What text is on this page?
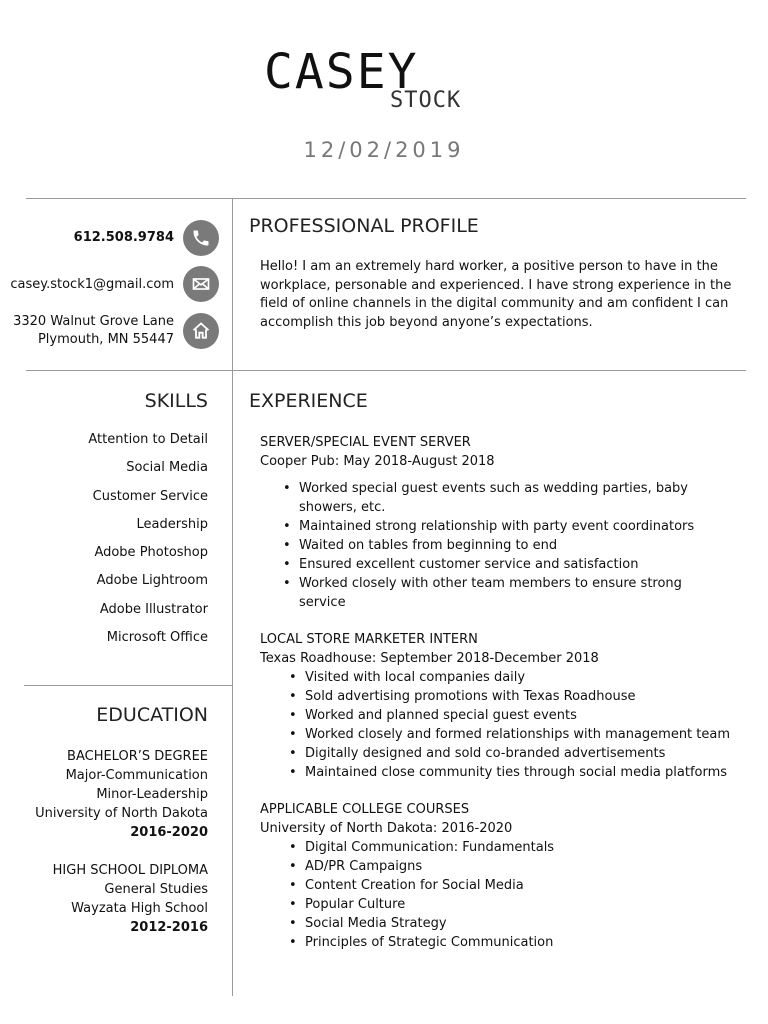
CASEY
STOCK
12/02/2019
612.508.9784
casey.stock1@gmail.com
3320 Walnut Grove Lane
Plymouth, MN 55447
PROFESSIONAL PROFILE
Hello! I am an extremely hard worker, a positive person to have in the workplace, personable and experienced. I have strong experience in the field of online channels in the digital community and am confident I can accomplish this job beyond anyone’s expectations.
SKILLS
Attention to Detail
Social Media
Customer Service
Leadership
Adobe Photoshop
Adobe Lightroom
Adobe Illustrator
Microsoft Office
EDUCATION
BACHELOR’S DEGREE
Major-Communication
Minor-Leadership
University of North Dakota
2016-2020
HIGH SCHOOL DIPLOMA
General Studies
Wayzata High School
2012-2016
EXPERIENCE
SERVER/SPECIAL EVENT SERVER
Cooper Pub: May 2018-August 2018
• Worked special guest events such as wedding parties, baby showers, etc.
• Maintained strong relationship with party event coordinators
• Waited on tables from beginning to end
• Ensured excellent customer service and satisfaction
• Worked closely with other team members to ensure strong service
LOCAL STORE MARKETER INTERN
Texas Roadhouse: September 2018-December 2018
• Visited with local companies daily
• Sold advertising promotions with Texas Roadhouse
• Worked and planned special guest events
• Worked closely and formed relationships with management team
• Digitally designed and sold co-branded advertisements
• Maintained close community ties through social media platforms
APPLICABLE COLLEGE COURSES
University of North Dakota: 2016-2020
• Digital Communication: Fundamentals
• AD/PR Campaigns
• Content Creation for Social Media
• Popular Culture
• Social Media Strategy
• Principles of Strategic Communication
